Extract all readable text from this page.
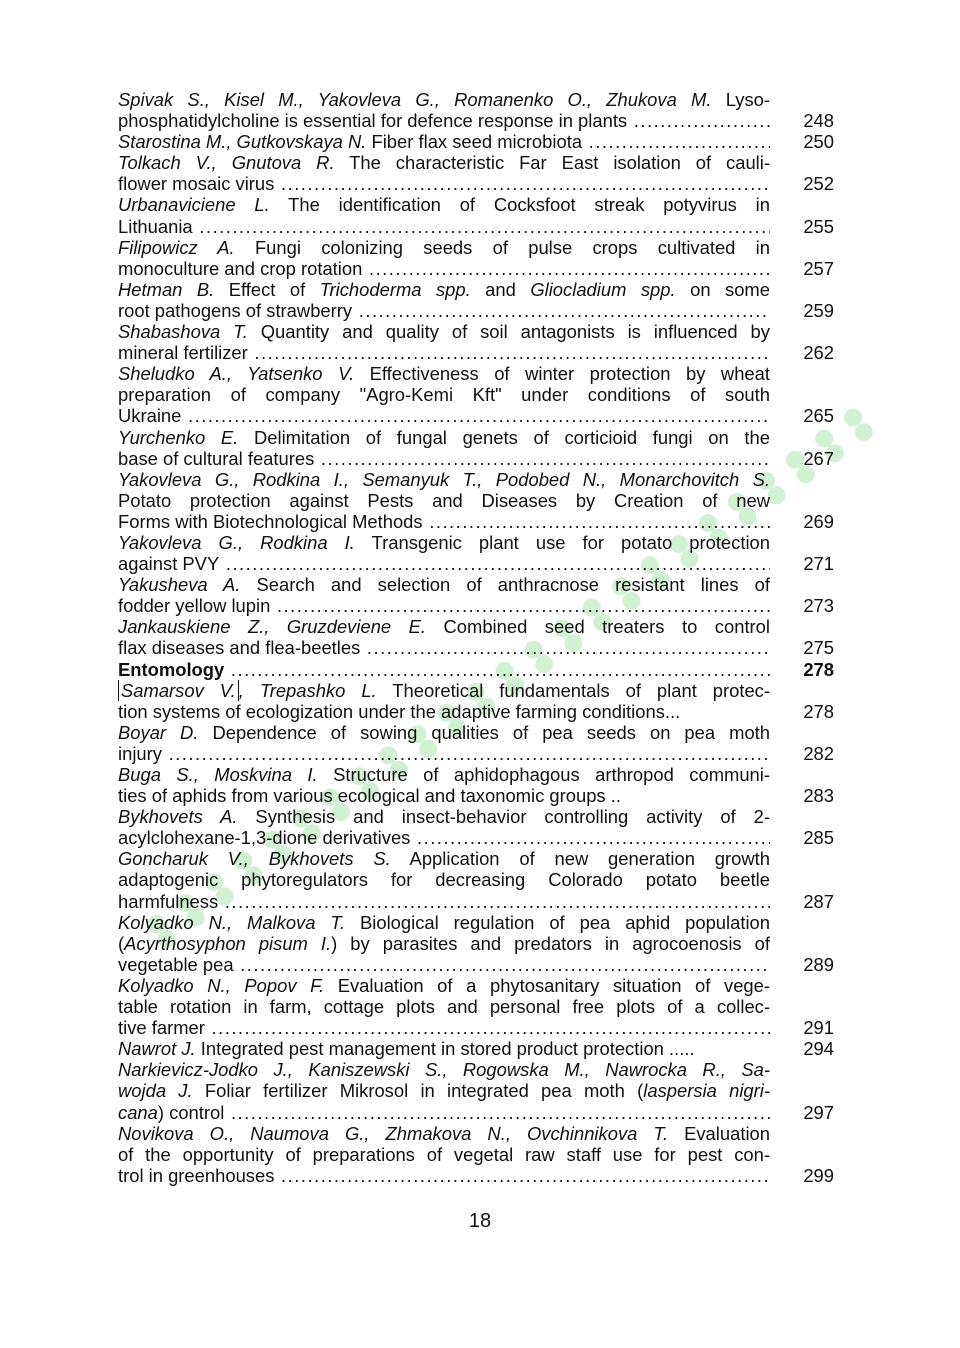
Spivak S., Kisel M., Yakovleva G., Romanenko O., Zhukova M. Lyso-
phosphatidylcholine is essential for defence response in plants .....	248
Starostina M., Gutkovskaya N. Fiber flax seed microbiota .....	250
Tolkach V., Gnutova R. The characteristic Far East isolation of cauli-
flower mosaic virus .....	252
Urbanaviciene L. The identification of Cocksfoot streak potyvirus in
Lithuania .....	255
Filipowicz A. Fungi colonizing seeds of pulse crops cultivated in
monoculture and crop rotation .....	257
Hetman B. Effect of Trichoderma spp. and Gliocladium spp. on some
root pathogens of strawberry .....	259
Shabashova T. Quantity and quality of soil antagonists is influenced by
mineral fertilizer .....	262
Sheludko A., Yatsenko V. Effectiveness of winter protection by wheat
preparation of company "Agro-Kemi Kft" under conditions of south
Ukraine .....	265
Yurchenko E. Delimitation of fungal genets of corticioid fungi on the
base of cultural features .....	267
Yakovleva G., Rodkina I., Semanyuk T., Podobed N., Monarchovitch S.
Potato protection against Pests and Diseases by Creation of new
Forms with Biotechnological Methods .....	269
Yakovleva G., Rodkina I. Transgenic plant use for potato protection
against PVY .....	271
Yakusheva A. Search and selection of anthracnose resistant lines of
fodder yellow lupin .....	273
Jankauskiene Z., Gruzdeviene E. Combined seed treaters to control
flax diseases and flea-beetles .....	275
Entomology .....	278
Samarsov V. , Trepashko L. Theoretical fundamentals of plant protec-
tion systems of ecologization under the adaptive farming conditions...	278
Boyar D. Dependence of sowing qualities of pea seeds on pea moth
injury .....	282
Buga S., Moskvina I. Structure of aphidophagous arthropod communi-
ties of aphids from various ecological and taxonomic groups ..	283
Bykhovets A. Synthesis and insect-behavior controlling activity of 2-
acylclohexane-1,3-dione derivatives .....	285
Goncharuk V., Bykhovets S. Application of new generation growth
adaptogenic phytoregulators for decreasing Colorado potato beetle
harmfulness .....	287
Kolyadko N., Malkova T. Biological regulation of pea aphid population
(Acyrthosyphon pisum I.) by parasites and predators in agrocoenosis of
vegetable pea .....	289
Kolyadko N., Popov F. Evaluation of a phytosanitary situation of vege-
table rotation in farm, cottage plots and personal free plots of a collec-
tive farmer .....	291
Nawrot J. Integrated pest management in stored product protection .....	294
Narkievicz-Jodko J., Kaniszewski S., Rogowska M., Nawrocka R., Sa-
wojda J. Foliar fertilizer Mikrosol in integrated pea moth (laspersia nigri-
cana) control .....	297
Novikova O., Naumova G., Zhmakova N., Ovchinnikova T. Evaluation
of the opportunity of preparations of vegetal raw staff use for pest con-
trol in greenhouses .....	299
18
